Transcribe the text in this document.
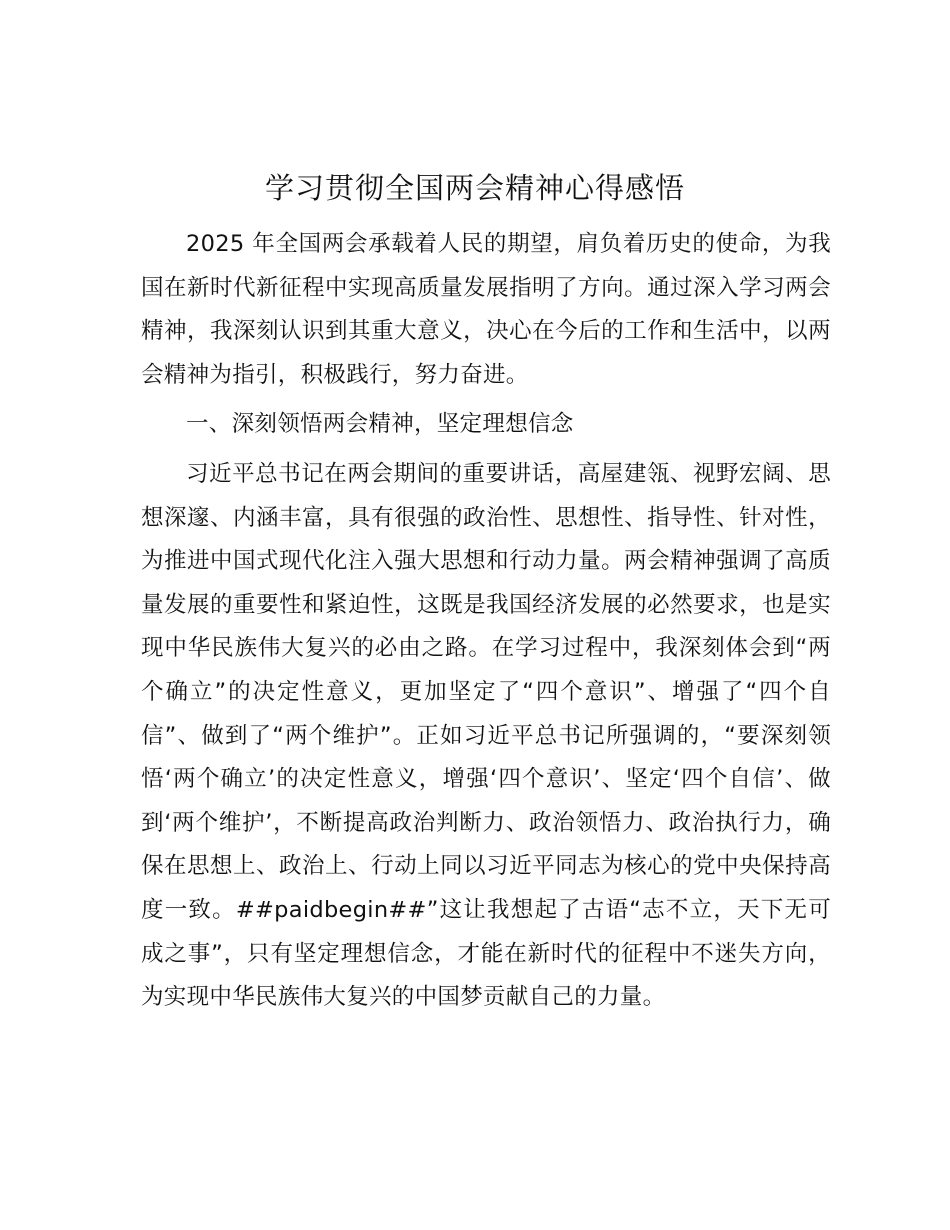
学习贯彻全国两会精神心得感悟

2025 年全国两会承载着人民的期望，肩负着历史的使命，为我国在新时代新征程中实现高质量发展指明了方向。通过深入学习两会精神，我深刻认识到其重大意义，决心在今后的工作和生活中，以两会精神为指引，积极践行，努力奋进。

一、深刻领悟两会精神，坚定理想信念

习近平总书记在两会期间的重要讲话，高屋建瓴、视野宏阔、思想深邃、内涵丰富，具有很强的政治性、思想性、指导性、针对性，为推进中国式现代化注入强大思想和行动力量。两会精神强调了高质量发展的重要性和紧迫性，这既是我国经济发展的必然要求，也是实现中华民族伟大复兴的必由之路。在学习过程中，我深刻体会到“两个确立”的决定性意义，更加坚定了“四个意识”、增强了“四个自信”、做到了“两个维护”。正如习近平总书记所强调的，“要深刻领悟‘两个确立’的决定性意义，增强‘四个意识’、坚定‘四个自信’、做到‘两个维护’，不断提高政治判断力、政治领悟力、政治执行力，确保在思想上、政治上、行动上同以习近平同志为核心的党中央保持高度一致。##paidbegin##”这让我想起了古语“志不立，天下无可成之事”，只有坚定理想信念，才能在新时代的征程中不迷失方向，为实现中华民族伟大复兴的中国梦贡献自己的力量。
